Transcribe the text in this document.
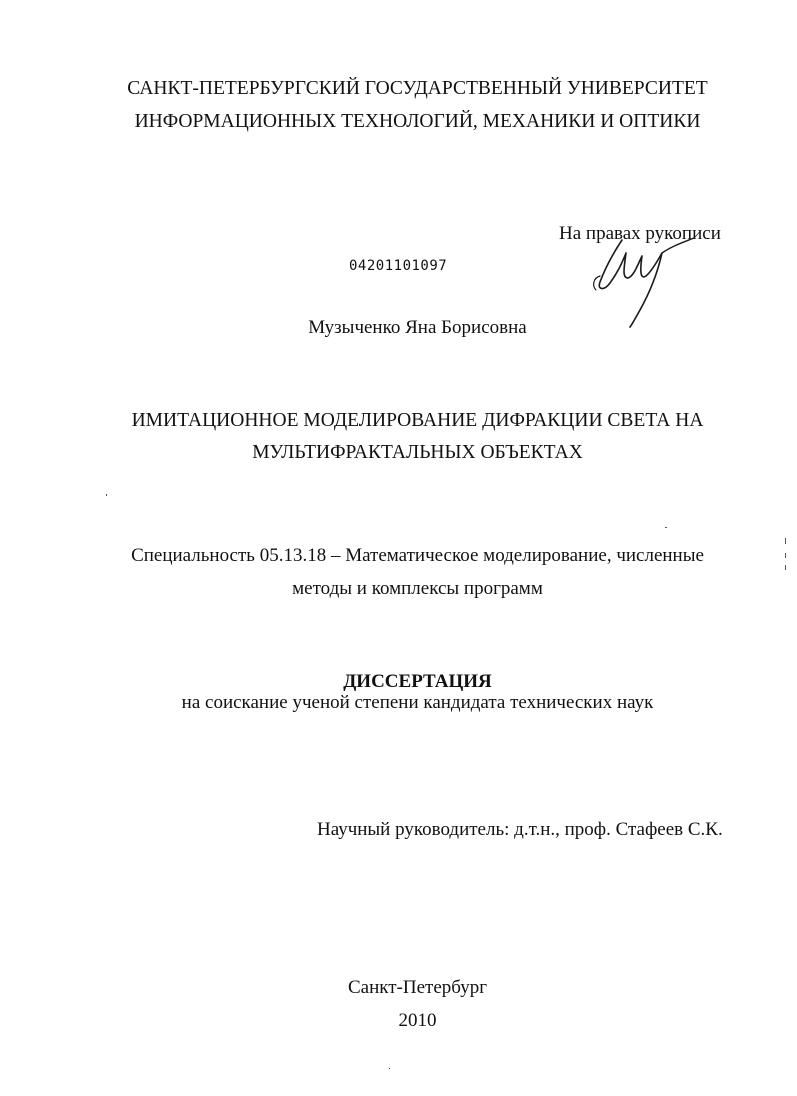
САНКТ-ПЕТЕРБУРГСКИЙ ГОСУДАРСТВЕННЫЙ УНИВЕРСИТЕТ
ИНФОРМАЦИОННЫХ ТЕХНОЛОГИЙ, МЕХАНИКИ И ОПТИКИ
На правах рукописи
04201101097
Музыченко Яна Борисовна
ИМИТАЦИОННОЕ МОДЕЛИРОВАНИЕ ДИФРАКЦИИ СВЕТА НА
МУЛЬТИФРАКТАЛЬНЫХ ОБЪЕКТАХ
Специальность 05.13.18 – Математическое моделирование, численные
методы и комплексы программ
ДИССЕРТАЦИЯ
на соискание ученой степени кандидата технических наук
Научный руководитель: д.т.н., проф. Стафеев С.К.
Санкт-Петербург
2010
